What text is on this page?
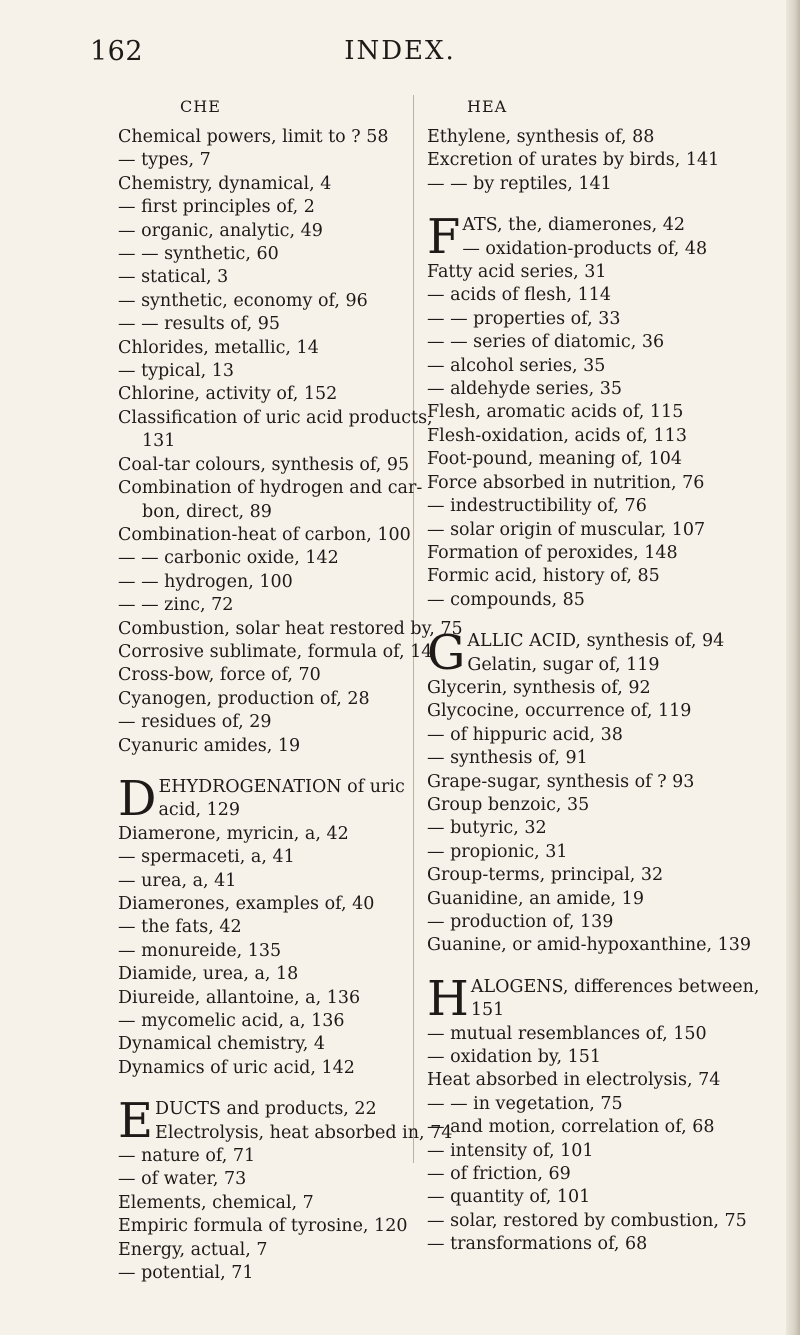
162	INDEX.
CHE
Chemical powers, limit to ? 58
— types, 7
Chemistry, dynamical, 4
— first principles of, 2
— organic, analytic, 49
— — synthetic, 60
— statical, 3
— synthetic, economy of, 96
— — results of, 95
Chlorides, metallic, 14
— typical, 13
Chlorine, activity of, 152
Classification of uric acid products,
131
Coal-tar colours, synthesis of, 95
Combination of hydrogen and car-
bon, direct, 89
Combination-heat of carbon, 100
— — carbonic oxide, 142
— — hydrogen, 100
— — zinc, 72
Combustion, solar heat restored by, 75
Corrosive sublimate, formula of, 14
Cross-bow, force of, 70
Cyanogen, production of, 28
— residues of, 29
Cyanuric amides, 19
DEHYDROGENATION of uric
acid, 129
Diamerone, myricin, a, 42
— spermaceti, a, 41
— urea, a, 41
Diamerones, examples of, 40
— the fats, 42
— monureide, 135
Diamide, urea, a, 18
Diureide, allantoine, a, 136
— mycomelic acid, a, 136
Dynamical chemistry, 4
Dynamics of uric acid, 142
EDUCTS and products, 22
Electrolysis, heat absorbed in, 74
— nature of, 71
— of water, 73
Elements, chemical, 7
Empiric formula of tyrosine, 120
Energy, actual, 7
— potential, 71
HEA
Ethylene, synthesis of, 88
Excretion of urates by birds, 141
— — by reptiles, 141
FATS, the, diamerones, 42
— oxidation-products of, 48
Fatty acid series, 31
— acids of flesh, 114
— — properties of, 33
— — series of diatomic, 36
— alcohol series, 35
— aldehyde series, 35
Flesh, aromatic acids of, 115
Flesh-oxidation, acids of, 113
Foot-pound, meaning of, 104
Force absorbed in nutrition, 76
— indestructibility of, 76
— solar origin of muscular, 107
Formation of peroxides, 148
Formic acid, history of, 85
— compounds, 85
GALLIC ACID, synthesis of, 94
Gelatin, sugar of, 119
Glycerin, synthesis of, 92
Glycocine, occurrence of, 119
— of hippuric acid, 38
— synthesis of, 91
Grape-sugar, synthesis of ? 93
Group benzoic, 35
— butyric, 32
— propionic, 31
Group-terms, principal, 32
Guanidine, an amide, 19
— production of, 139
Guanine, or amid-hypoxanthine, 139
HALOGENS, differences between,
151
— mutual resemblances of, 150
— oxidation by, 151
Heat absorbed in electrolysis, 74
— — in vegetation, 75
— and motion, correlation of, 68
— intensity of, 101
— of friction, 69
— quantity of, 101
— solar, restored by combustion, 75
— transformations of, 68
